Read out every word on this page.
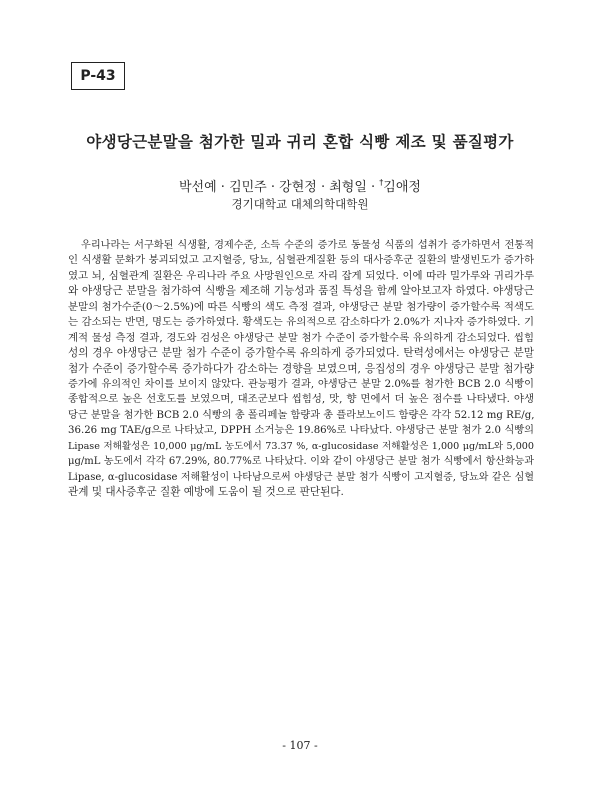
P-43
야생당근분말을 첨가한 밀과 귀리 혼합 식빵 제조 및 품질평가
박선예 · 김민주 · 강현정 · 최형일 · †김애정
경기대학교 대체의학대학원
우리나라는 서구화된 식생활, 경제수준, 소득 수준의 증가로 동물성 식품의 섭취가 증가하면서 전통적
인 식생활 문화가 붕괴되었고 고지혈증, 당뇨, 심혈관계질환 등의 대사증후군 질환의 발생빈도가 증가하
였고 뇌, 심혈관계 질환은 우리나라 주요 사망원인으로 자리 잡게 되었다. 이에 따라 밀가루와 귀리가루
와 야생당근 분말을 첨가하여 식빵을 제조해 기능성과 품질 특성을 함께 알아보고자 하였다. 야생당근
분말의 첨가수준(0～2.5%)에 따른 식빵의 색도 측정 결과, 야생당근 분말 첨가량이 증가할수록 적색도
는 감소되는 반면, 명도는 증가하였다. 황색도는 유의적으로 감소하다가 2.0%가 지나자 증가하였다. 기
계적 물성 측정 결과, 경도와 검성은 야생당근 분말 첨가 수준이 증가할수록 유의하게 감소되었다. 씹힘
성의 경우 야생당근 분말 첨가 수준이 증가할수록 유의하게 증가되었다. 탄력성에서는 야생당근 분말
첨가 수준이 증가할수록 증가하다가 감소하는 경향을 보였으며, 응집성의 경우 야생당근 분말 첨가량
증가에 유의적인 차이를 보이지 않았다. 관능평가 결과, 야생당근 분말 2.0%를 첨가한 BCB 2.0 식빵이
종합적으로 높은 선호도를 보였으며, 대조군보다 씹힘성, 맛, 향 면에서 더 높은 점수를 나타냈다. 야생
당근 분말을 첨가한 BCB 2.0 식빵의 총 폴리페놀 함량과 총 플라보노이드 함량은 각각 52.12 mg RE/g,
36.26 mg TAE/g으로 나타났고, DPPH 소거능은 19.86%로 나타났다. 야생당근 분말 첨가 2.0 식빵의
Lipase 저해활성은 10,000 μg/mL 농도에서 73.37 %, α-glucosidase 저해활성은 1,000 μg/mL와 5,000
μg/mL 농도에서 각각 67.29%, 80.77%로 나타났다. 이와 같이 야생당근 분말 첨가 식빵에서 항산화능과
Lipase, α-glucosidase 저해활성이 나타남으로써 야생당근 분말 첨가 식빵이 고지혈증, 당뇨와 같은 심혈
관계 및 대사증후군 질환 예방에 도움이 될 것으로 판단된다.
- 107 -
